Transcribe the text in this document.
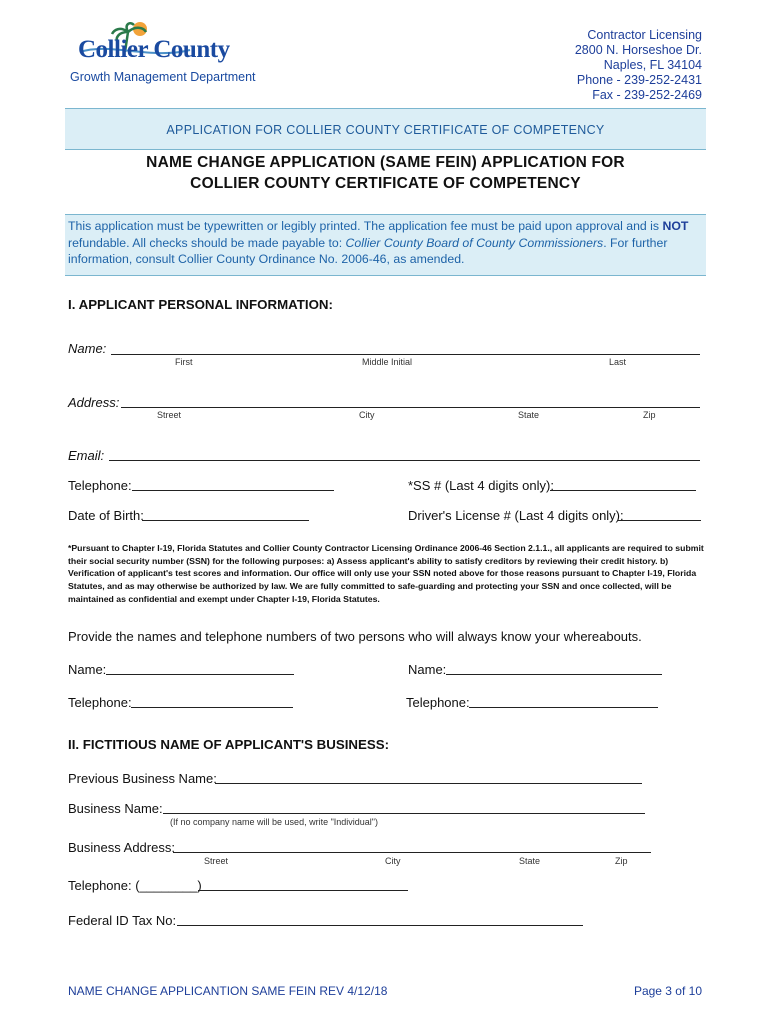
Collier County
Growth Management Department
Contractor Licensing
2800 N. Horseshoe Dr.
Naples, FL 34104
Phone - 239-252-2431
Fax - 239-252-2469
APPLICATION FOR COLLIER COUNTY CERTIFICATE OF COMPETENCY
NAME CHANGE APPLICATION (SAME FEIN) APPLICATION FOR
COLLIER COUNTY CERTIFICATE OF COMPETENCY
This application must be typewritten or legibly printed. The application fee must be paid upon approval and is NOT refundable. All checks should be made payable to: Collier County Board of County Commissioners. For further information, consult Collier County Ordinance No. 2006-46, as amended.
I. APPLICANT PERSONAL INFORMATION:
Name:
First	Middle Initial	Last
Address:
Street	City	State	Zip
Email:
Telephone:	*SS # (Last 4 digits only):
Date of Birth:	Driver's License # (Last 4 digits only):
*Pursuant to Chapter I-19, Florida Statutes and Collier County Contractor Licensing Ordinance 2006-46 Section 2.1.1., all applicants are required to submit their social security number (SSN) for the following purposes: a) Assess applicant's ability to satisfy creditors by reviewing their credit history. b) Verification of applicant's test scores and information. Our office will only use your SSN noted above for those reasons pursuant to Chapter I-19, Florida Statutes, and as may otherwise be authorized by law. We are fully committed to safe-guarding and protecting your SSN and once collected, will be maintained as confidential and exempt under Chapter I-19, Florida Statutes.
Provide the names and telephone numbers of two persons who will always know your whereabouts.
Name:	Name:
Telephone:	Telephone:
II. FICTITIOUS NAME OF APPLICANT'S BUSINESS:
Previous Business Name:
Business Name:
(If no company name will be used, write "Individual")
Business Address:
Street	City	State	Zip
Telephone: (________)
Federal ID Tax No:
NAME CHANGE APPLICANTION SAME FEIN REV 4/12/18	Page 3 of 10
